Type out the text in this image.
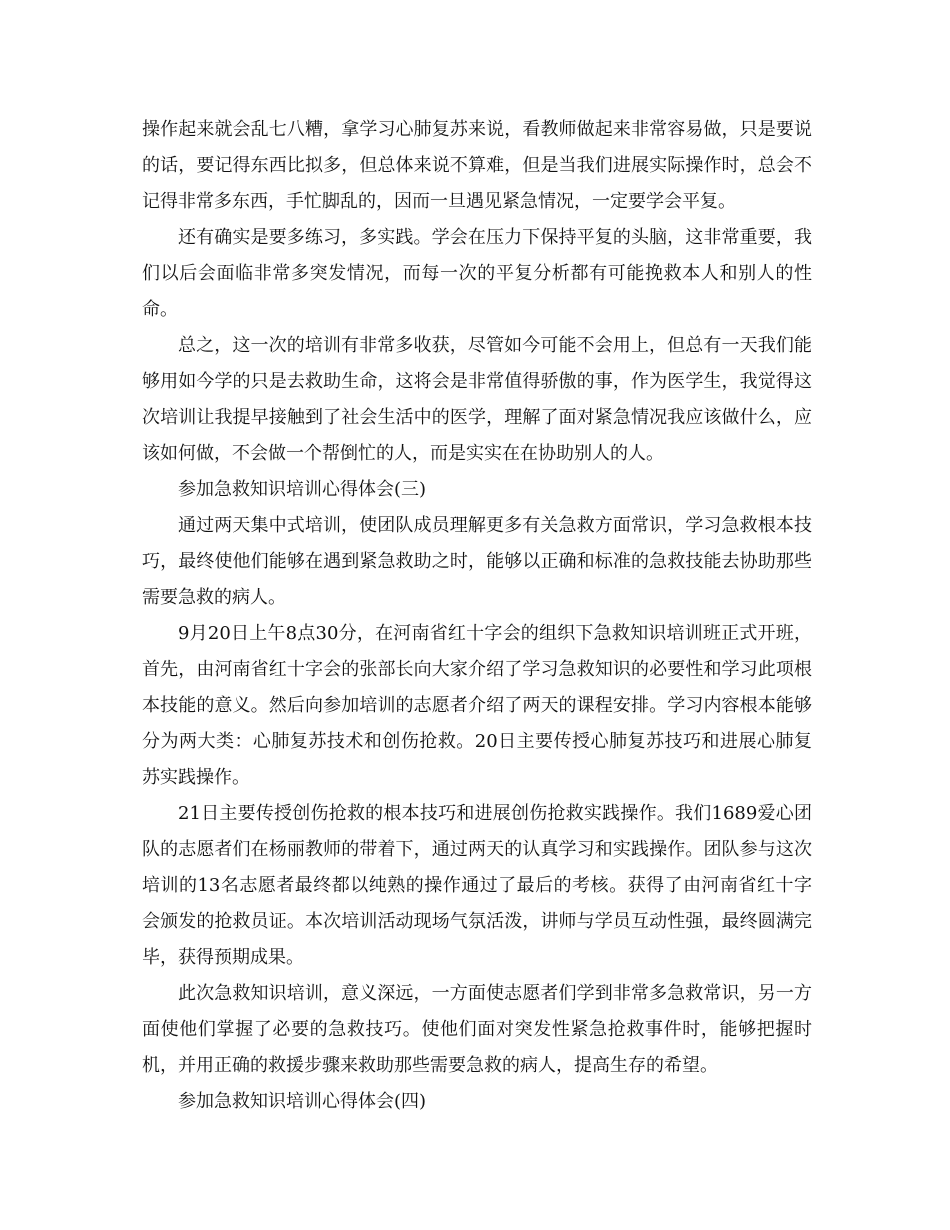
操作起来就会乱七八糟，拿学习心肺复苏来说，看教师做起来非常容易做，只是要说的话，要记得东西比拟多，但总体来说不算难，但是当我们进展实际操作时，总会不记得非常多东西，手忙脚乱的，因而一旦遇见紧急情况，一定要学会平复。

还有确实是要多练习，多实践。学会在压力下保持平复的头脑，这非常重要，我们以后会面临非常多突发情况，而每一次的平复分析都有可能挽救本人和别人的性命。

总之，这一次的培训有非常多收获，尽管如今可能不会用上，但总有一天我们能够用如今学的只是去救助生命，这将会是非常值得骄傲的事，作为医学生，我觉得这次培训让我提早接触到了社会生活中的医学，理解了面对紧急情况我应该做什么，应该如何做，不会做一个帮倒忙的人，而是实实在在协助别人的人。

参加急救知识培训心得体会(三)

通过两天集中式培训，使团队成员理解更多有关急救方面常识，学习急救根本技巧，最终使他们能够在遇到紧急救助之时，能够以正确和标准的急救技能去协助那些需要急救的病人。

9月20日上午8点30分，在河南省红十字会的组织下急救知识培训班正式开班，首先，由河南省红十字会的张部长向大家介绍了学习急救知识的必要性和学习此项根本技能的意义。然后向参加培训的志愿者介绍了两天的课程安排。学习内容根本能够分为两大类：心肺复苏技术和创伤抢救。20日主要传授心肺复苏技巧和进展心肺复苏实践操作。

21日主要传授创伤抢救的根本技巧和进展创伤抢救实践操作。我们1689爱心团队的志愿者们在杨丽教师的带着下，通过两天的认真学习和实践操作。团队参与这次培训的13名志愿者最终都以纯熟的操作通过了最后的考核。获得了由河南省红十字会颁发的抢救员证。本次培训活动现场气氛活泼，讲师与学员互动性强，最终圆满完毕，获得预期成果。

此次急救知识培训，意义深远，一方面使志愿者们学到非常多急救常识，另一方面使他们掌握了必要的急救技巧。使他们面对突发性紧急抢救事件时，能够把握时机，并用正确的救援步骤来救助那些需要急救的病人，提高生存的希望。

参加急救知识培训心得体会(四)
